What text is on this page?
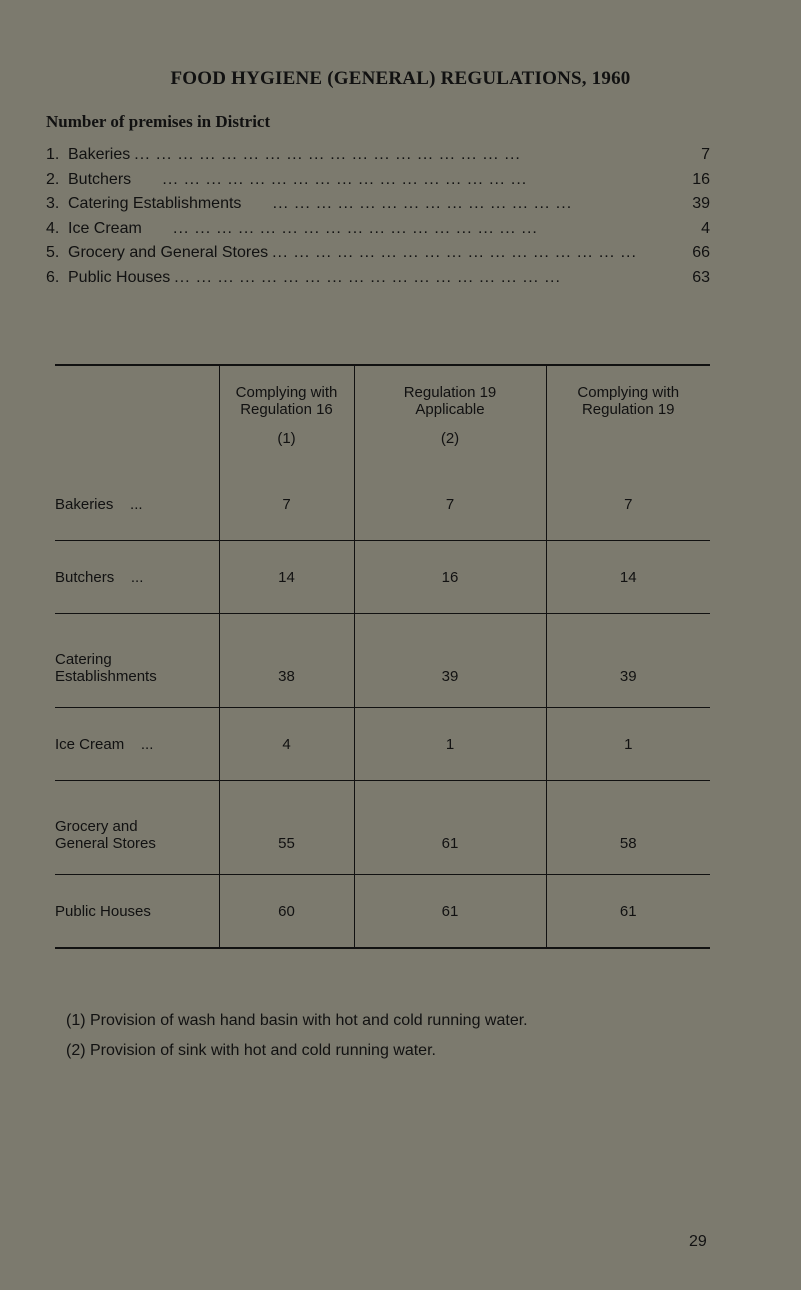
FOOD HYGIENE (GENERAL) REGULATIONS, 1960
Number of premises in District
1. Bakeries ... ... ... ... ... ... ... ... ... ... ... ... ... ... ... ... ... ...	7
2. Butchers ... ... ... ... ... ... ... ... ... ... ... ... ... ... ... ... ...	16
3. Catering Establishments ... ... ... ... ... ... ... ... ... ... ... ... ... ...	39
4. Ice Cream ... ... ... ... ... ... ... ... ... ... ... ... ... ... ... ... ...	4
5. Grocery and General Stores ... ... ... ... ... ... ... ... ... ... ... ... ... ... ... ... ...	66
6. Public Houses ... ... ... ... ... ... ... ... ... ... ... ... ... ... ... ... ... ...	63

	Complying with
Regulation 16
(1)	Regulation 19
Applicable
(2)	Complying with
Regulation 19

Bakeries    ...	7	7	7
Butchers    ...	14	16	14
Catering
Establishments	38	39	39
Ice Cream    ...	4	1	1
Grocery and
General Stores	55	61	58
Public Houses	60	61	61

(1) Provision of wash hand basin with hot and cold running water.
(2) Provision of sink with hot and cold running water.
29
